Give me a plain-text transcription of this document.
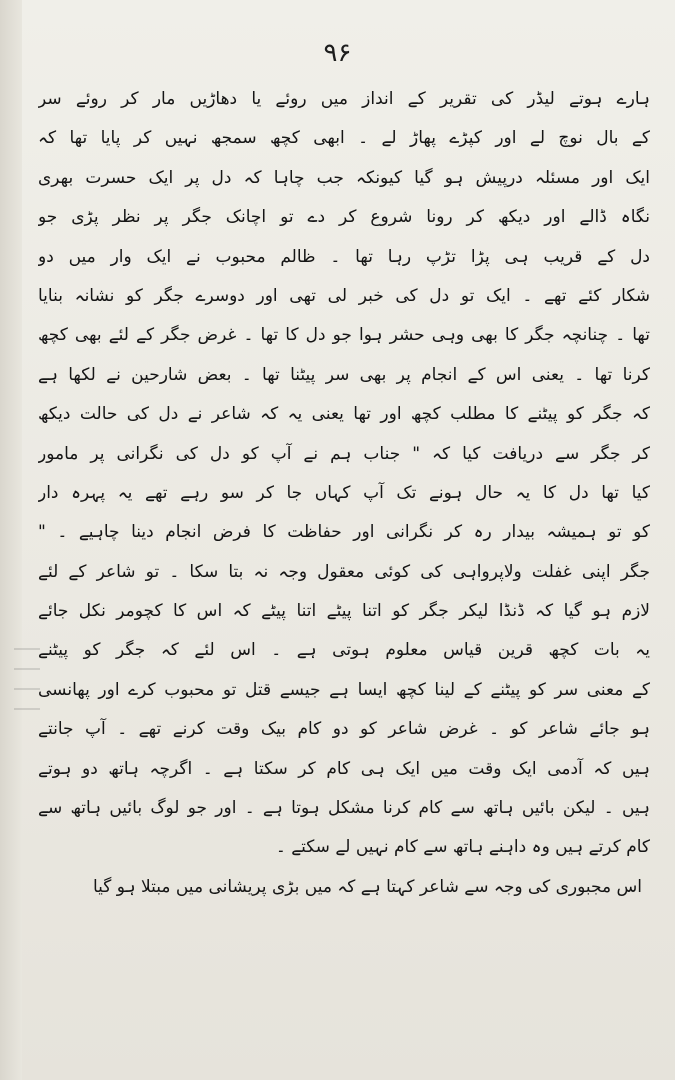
۹۶
ہارے ہوتے لیڈر کی تقریر کے انداز میں روئے یا دھاڑیں مار کر روئے سر
کے بال نوچ لے اور کپڑے پھاڑ لے ۔ ابھی کچھ سمجھ نہیں کر پایا تھا کہ
ایک اور مسئلہ درپیش ہو گیا کیونکہ جب چاہا کہ دل پر ایک حسرت بھری
نگاہ ڈالے اور دیکھ کر رونا شروع کر دے تو اچانک جگر پر نظر پڑی جو
دل کے قریب ہی پڑا تڑپ رہا تھا ۔ ظالم محبوب نے ایک وار میں دو
شکار کئے تھے ۔ ایک تو دل کی خبر لی تھی اور دوسرے جگر کو نشانہ بنایا
تھا ۔ چنانچہ جگر کا بھی وہی حشر ہوا جو دل کا تھا ۔ غرض جگر کے لئے بھی کچھ
کرنا تھا ۔ یعنی اس کے انجام پر بھی سر پیٹنا تھا ۔ بعض شارحین نے لکھا ہے
کہ جگر کو پیٹنے کا مطلب کچھ اور تھا یعنی یہ کہ شاعر نے دل کی حالت دیکھ
کر جگر سے دریافت کیا کہ " جناب ہم نے آپ کو دل کی نگرانی پر مامور
کیا تھا دل کا یہ حال ہونے تک آپ کہاں جا کر سو رہے تھے یہ پہرہ دار
کو تو ہمیشہ بیدار رہ کر نگرانی اور حفاظت کا فرض انجام دینا چاہیے ۔ "
جگر اپنی غفلت ولاپرواہی کی کوئی معقول وجہ نہ بتا سکا ۔ تو شاعر کے لئے
لازم ہو گیا کہ ڈنڈا لیکر جگر کو اتنا پیٹے اتنا پیٹے کہ اس کا کچومر نکل جائے
یہ بات کچھ قرین قیاس معلوم ہوتی ہے ۔ اس لئے کہ جگر کو پیٹنے
کے معنی سر کو پیٹنے کے لینا کچھ ایسا ہے جیسے قتل تو محبوب کرے اور پھانسی
ہو جائے شاعر کو ۔ غرض شاعر کو دو کام بیک وقت کرنے تھے ۔ آپ جانتے
ہیں کہ آدمی ایک وقت میں ایک ہی کام کر سکتا ہے ۔ اگرچہ ہاتھ دو ہوتے
ہیں ۔ لیکن بائیں ہاتھ سے کام کرنا مشکل ہوتا ہے ۔ اور جو لوگ بائیں ہاتھ سے
کام کرتے ہیں وہ داہنے ہاتھ سے کام نہیں لے سکتے ۔
اس مجبوری کی وجہ سے شاعر کہتا ہے کہ میں بڑی پریشانی میں مبتلا ہو گیا
